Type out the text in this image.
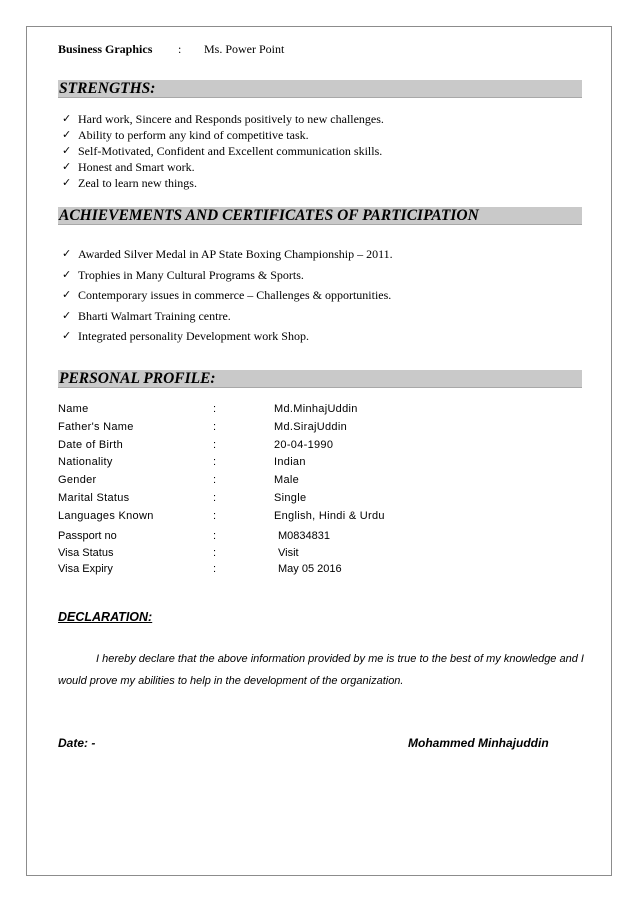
Business Graphics : Ms. Power Point
STRENGTHS:
✓ Hard work, Sincere and Responds positively to new challenges.
✓ Ability to perform any kind of competitive task.
✓ Self-Motivated, Confident and Excellent communication skills.
✓ Honest and Smart work.
✓ Zeal to learn new things.
ACHIEVEMENTS AND CERTIFICATES OF PARTICIPATION
✓ Awarded Silver Medal in AP State Boxing Championship – 2011.
✓ Trophies in Many Cultural Programs & Sports.
✓ Contemporary issues in commerce – Challenges & opportunities.
✓ Bharti Walmart Training centre.
✓ Integrated personality Development work Shop.
PERSONAL PROFILE:
Name	:	Md.MinhajUddin
Father's Name	:	Md.SirajUddin
Date of Birth	:	20-04-1990
Nationality	:	Indian
Gender	:	Male
Marital Status	:	Single
Languages Known	:	English, Hindi & Urdu
Passport no	:	M0834831
Visa Status	:	Visit
Visa Expiry	:	May 05 2016
DECLARATION:
I hereby declare that the above information provided by me is true to the best of my knowledge and I would prove my abilities to help in the development of the organization.
Date: -	Mohammed Minhajuddin
